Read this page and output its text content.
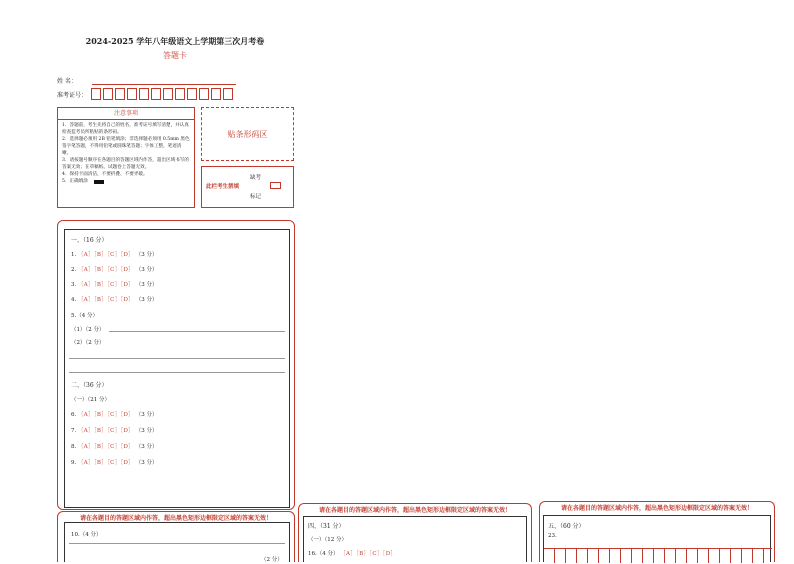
2024-2025 学年八年级语文上学期第三次月考卷
答题卡
姓 名：
准考证号：
注意事项
1．答题前，考生先将自己的姓名，准考证号填写清楚，并认真检查监考员所粘贴的条形码。
2．选择题必须用 2B 铅笔填涂；非选择题必须用 0.5mm 黑色签字笔答题，不得用铅笔或圆珠笔答题；字体工整，笔迹清晰。
3．请按题号顺序在各题目的答题区域内作答，超出区域书写的答案无效；在草稿纸、试题卷上答题无效。
4．保持卡面清洁，不要折叠、不要弄破。
5．正确填涂
贴条形码区
缺考
此栏考生禁填
标记
一、（16 分）
1. ［A］［B］［C］［D］ （3 分）
2. ［A］［B］［C］［D］ （3 分）
3. ［A］［B］［C］［D］ （3 分）
4. ［A］［B］［C］［D］ （3 分）
5.（4 分）
（1）（2 分）
（2）（2 分）
二、（36 分）
（一）（21 分）
6. ［A］［B］［C］［D］ （3 分）
7. ［A］［B］［C］［D］ （3 分）
8. ［A］［B］［C］［D］ （3 分）
9. ［A］［B］［C］［D］ （3 分）
请在各题目的答题区域内作答，超出黑色矩形边框限定区域的答案无效！
10.（4 分）
（2 分）
请在各题目的答题区域内作答，超出黑色矩形边框限定区域的答案无效！
四、（31 分）
（一）（12 分）
16.（4 分） ［A］［B］［C］［D］
请在各题目的答题区域内作答，超出黑色矩形边框限定区域的答案无效！
五、（60 分）
23.
